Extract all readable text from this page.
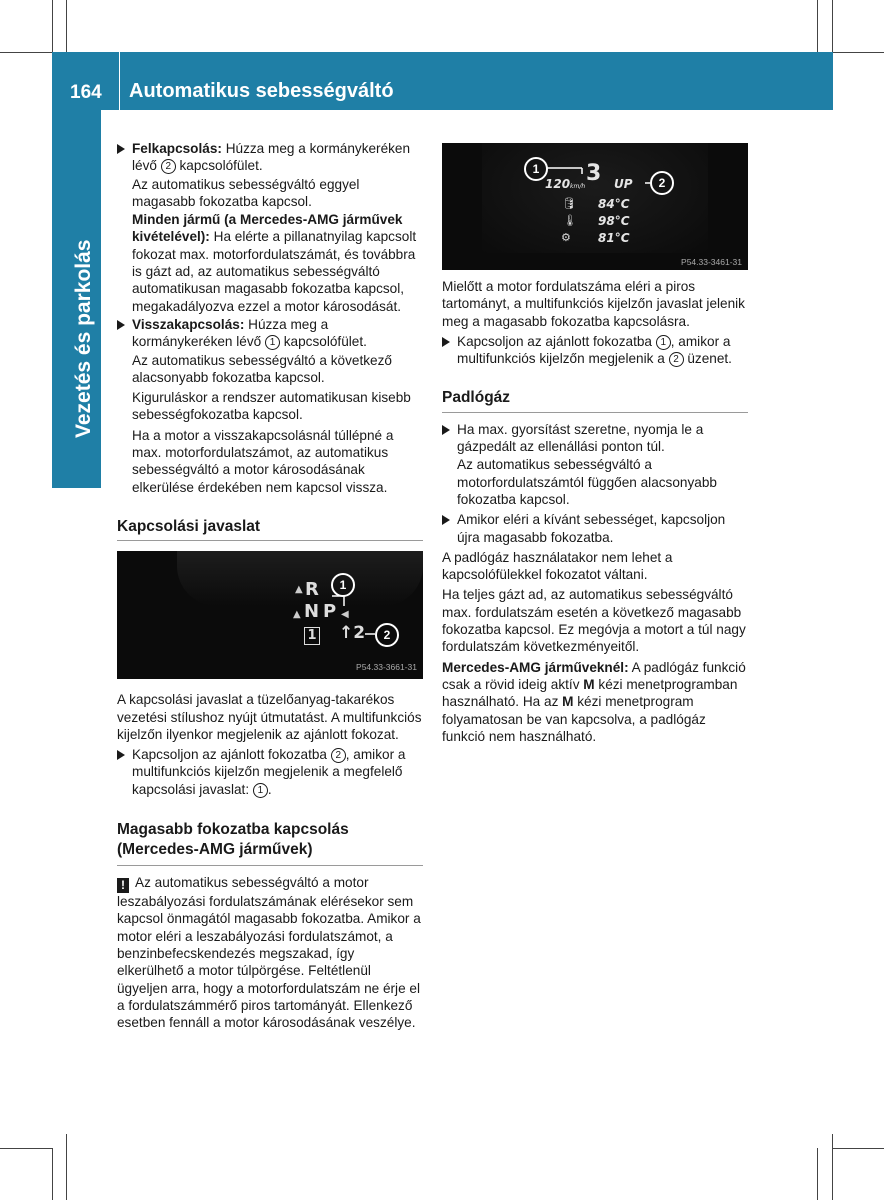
164 Automatikus sebességváltó
Vezetés és parkolás

Felkapcsolás: Húzza meg a kormánykeréken lévő 2 kapcsolófület.

Az automatikus sebességváltó eggyel magasabb fokozatba kapcsol.

Minden jármű (a Mercedes-AMG járművek kivételével): Ha elérte a pillanatnyilag kapcsolt fokozat max. motorfordulatszámát, és továbbra is gázt ad, az automatikus sebességváltó automatikusan magasabb fokozatba kapcsol, megakadályozva ezzel a motor károsodását.

Visszakapcsolás: Húzza meg a kormánykeréken lévő 1 kapcsolófület.

Az automatikus sebességváltó a következő alacsonyabb fokozatba kapcsol.

Kiguruláskor a rendszer automatikusan kisebb sebességfokozatba kapcsol.

Ha a motor a visszakapcsolásnál túllépné a max. motorfordulatszámot, az automatikus sebességváltó a motor károsodásának elkerülése érdekében nem kapcsol vissza.

Kapcsolási javaslat
▲ R
▲ N P ◀
1 ↑2
1
2
P54.33-3661-31

A kapcsolási javaslat a tüzelőanyag-takarékos vezetési stílushoz nyújt útmutatást. A multifunkciós kijelzőn ilyenkor megjelenik az ajánlott fokozat.

Kapcsoljon az ajánlott fokozatba 2 , amikor a multifunkciós kijelzőn megjelenik a megfelelő kapcsolási javaslat: 1 .

Magasabb fokozatba kapcsolás (Mercedes-AMG járművek)

! Az automatikus sebességváltó a motor leszabályozási fordulatszámának elérésekor sem kapcsol önmagától magasabb fokozatba. Amikor a motor eléri a leszabályozási fordulatszámot, a benzinbefecskendezés megszakad, így elkerülhető a motor túlpörgése. Feltétlenül ügyeljen arra, hogy a motorfordulatszám ne érje el a fordulatszámmérő piros tartományát. Ellenkező esetben fennáll a motor károsodásának veszélye.

120 km/h
3 UP
🛢 84°C
🌡 98°C
⚙ 81°C
1
2
P54.33-3461-31

Mielőtt a motor fordulatszáma eléri a piros tartományt, a multifunkciós kijelzőn javaslat jelenik meg a magasabb fokozatba kapcsolásra.

Kapcsoljon az ajánlott fokozatba 1 , amikor a multifunkciós kijelzőn megjelenik a 2 üzenet.

Padlógáz

Ha max. gyorsítást szeretne, nyomja le a gázpedált az ellenállási ponton túl.

Az automatikus sebességváltó a motorfordulatszámtól függően alacsonyabb fokozatba kapcsol.

Amikor eléri a kívánt sebességet, kapcsoljon újra magasabb fokozatba.

A padlógáz használatakor nem lehet a kapcsolófülekkel fokozatot váltani.

Ha teljes gázt ad, az automatikus sebességváltó max. fordulatszám esetén a következő magasabb fokozatba kapcsol. Ez megóvja a motort a túl nagy fordulatszám következményeitől.

Mercedes-AMG járműveknél: A padlógáz funkció csak a rövid ideig aktív M kézi menetprogramban használható. Ha az M kézi menetprogram folyamatosan be van kapcsolva, a padlógáz funkció nem használható.
